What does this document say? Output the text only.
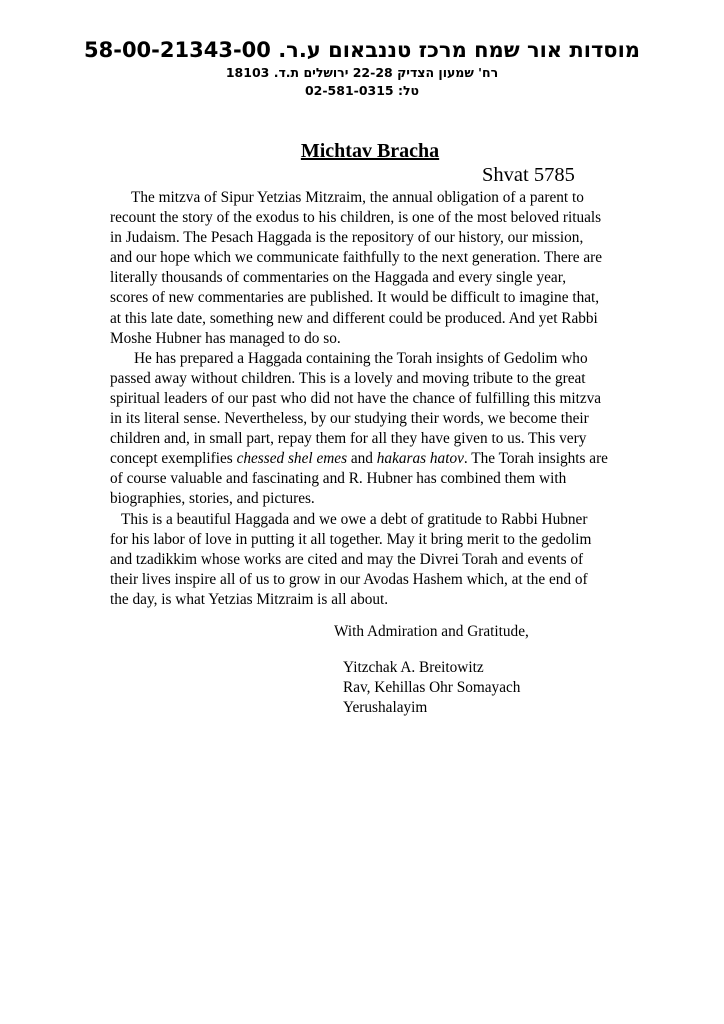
מוסדות אור שמח מרכז טננבאום ע.ר. 58-00-21343-00
רח' שמעון הצדיק 22-28 ירושלים ת.ד. 18103
טל: 02-581-0315
Michtav Bracha
Shvat 5785

The mitzva of Sipur Yetzias Mitzraim, the annual obligation of a parent to recount the story of the exodus to his children, is one of the most beloved rituals in Judaism. The Pesach Haggada is the repository of our history, our mission, and our hope which we communicate faithfully to the next generation. There are literally thousands of commentaries on the Haggada and every single year, scores of new commentaries are published. It would be difficult to imagine that, at this late date, something new and different could be produced. And yet Rabbi Moshe Hubner has managed to do so.

He has prepared a Haggada containing the Torah insights of Gedolim who passed away without children. This is a lovely and moving tribute to the great spiritual leaders of our past who did not have the chance of fulfilling this mitzva in its literal sense. Nevertheless, by our studying their words, we become their children and, in small part, repay them for all they have given to us. This very concept exemplifies chessed shel emes and hakaras hatov. The Torah insights are of course valuable and fascinating and R. Hubner has combined them with biographies, stories, and pictures.

This is a beautiful Haggada and we owe a debt of gratitude to Rabbi Hubner for his labor of love in putting it all together. May it bring merit to the gedolim and tzadikkim whose works are cited and may the Divrei Torah and events of their lives inspire all of us to grow in our Avodas Hashem which, at the end of the day, is what Yetzias Mitzraim is all about.

With Admiration and Gratitude,
Yitzchak A. Breitowitz
Rav, Kehillas Ohr Somayach
Yerushalayim
